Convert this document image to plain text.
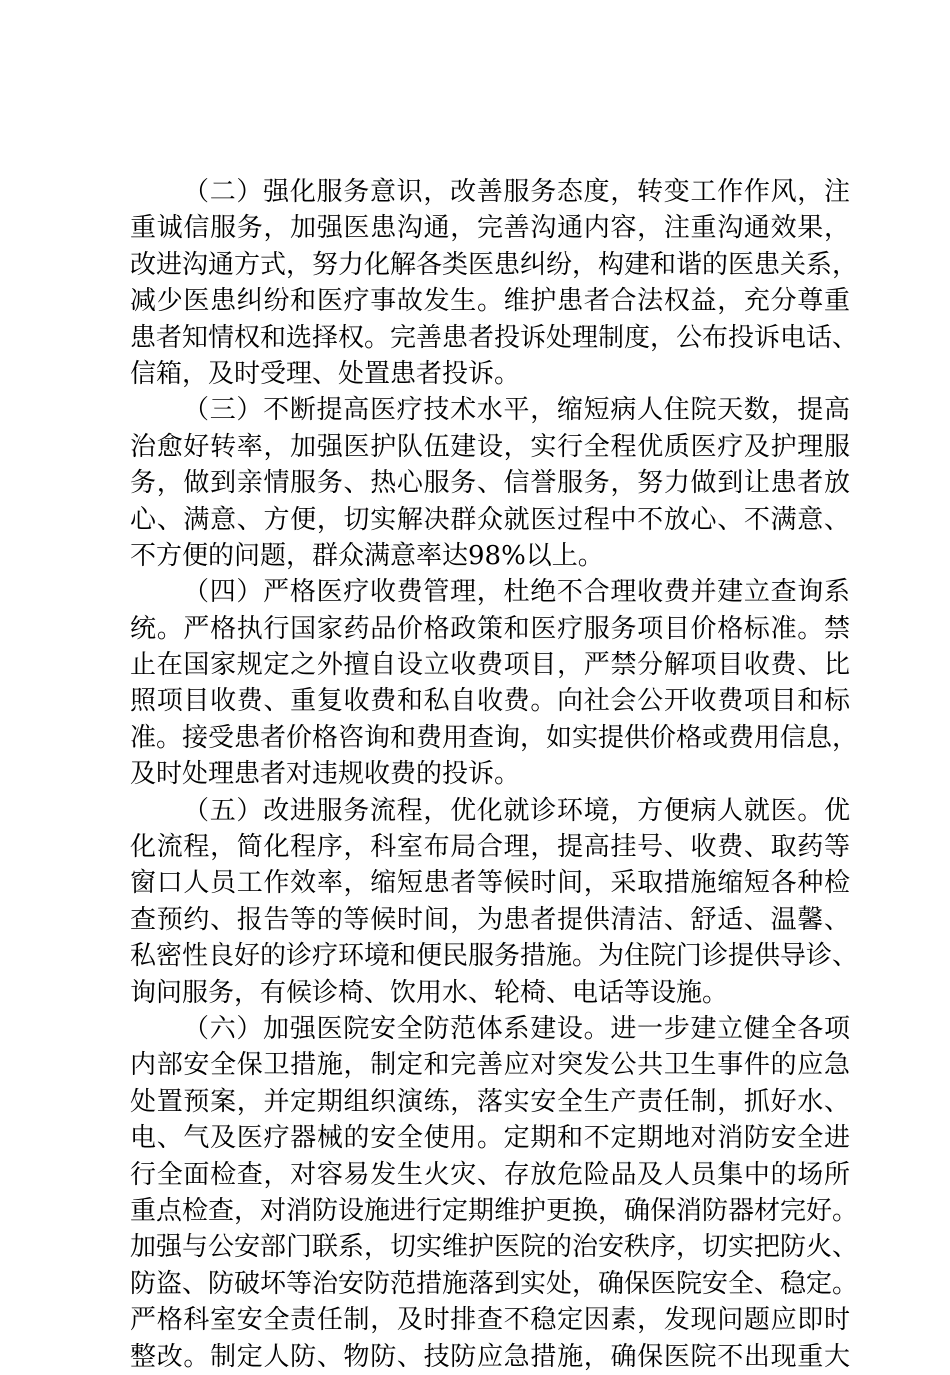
（二）强化服务意识，改善服务态度，转变工作作风，注
重诚信服务，加强医患沟通，完善沟通内容，注重沟通效果，
改进沟通方式，努力化解各类医患纠纷，构建和谐的医患关系，
减少医患纠纷和医疗事故发生。维护患者合法权益，充分尊重
患者知情权和选择权。完善患者投诉处理制度，公布投诉电话、
信箱，及时受理、处置患者投诉。
（三）不断提高医疗技术水平，缩短病人住院天数，提高
治愈好转率，加强医护队伍建设，实行全程优质医疗及护理服
务，做到亲情服务、热心服务、信誉服务，努力做到让患者放
心、满意、方便，切实解决群众就医过程中不放心、不满意、
不方便的问题，群众满意率达98%以上。
（四）严格医疗收费管理，杜绝不合理收费并建立查询系
统。严格执行国家药品价格政策和医疗服务项目价格标准。禁
止在国家规定之外擅自设立收费项目，严禁分解项目收费、比
照项目收费、重复收费和私自收费。向社会公开收费项目和标
准。接受患者价格咨询和费用查询，如实提供价格或费用信息，
及时处理患者对违规收费的投诉。
（五）改进服务流程，优化就诊环境，方便病人就医。优
化流程，简化程序，科室布局合理，提高挂号、收费、取药等
窗口人员工作效率，缩短患者等候时间，采取措施缩短各种检
查预约、报告等的等候时间，为患者提供清洁、舒适、温馨、
私密性良好的诊疗环境和便民服务措施。为住院门诊提供导诊、
询问服务，有候诊椅、饮用水、轮椅、电话等设施。
（六）加强医院安全防范体系建设。进一步建立健全各项
内部安全保卫措施，制定和完善应对突发公共卫生事件的应急
处置预案，并定期组织演练，落实安全生产责任制，抓好水、
电、气及医疗器械的安全使用。定期和不定期地对消防安全进
行全面检查，对容易发生火灾、存放危险品及人员集中的场所
重点检查，对消防设施进行定期维护更换，确保消防器材完好。
加强与公安部门联系，切实维护医院的治安秩序，切实把防火、
防盗、防破坏等治安防范措施落到实处，确保医院安全、稳定。
严格科室安全责任制，及时排查不稳定因素，发现问题应即时
整改。制定人防、物防、技防应急措施，确保医院不出现重大
